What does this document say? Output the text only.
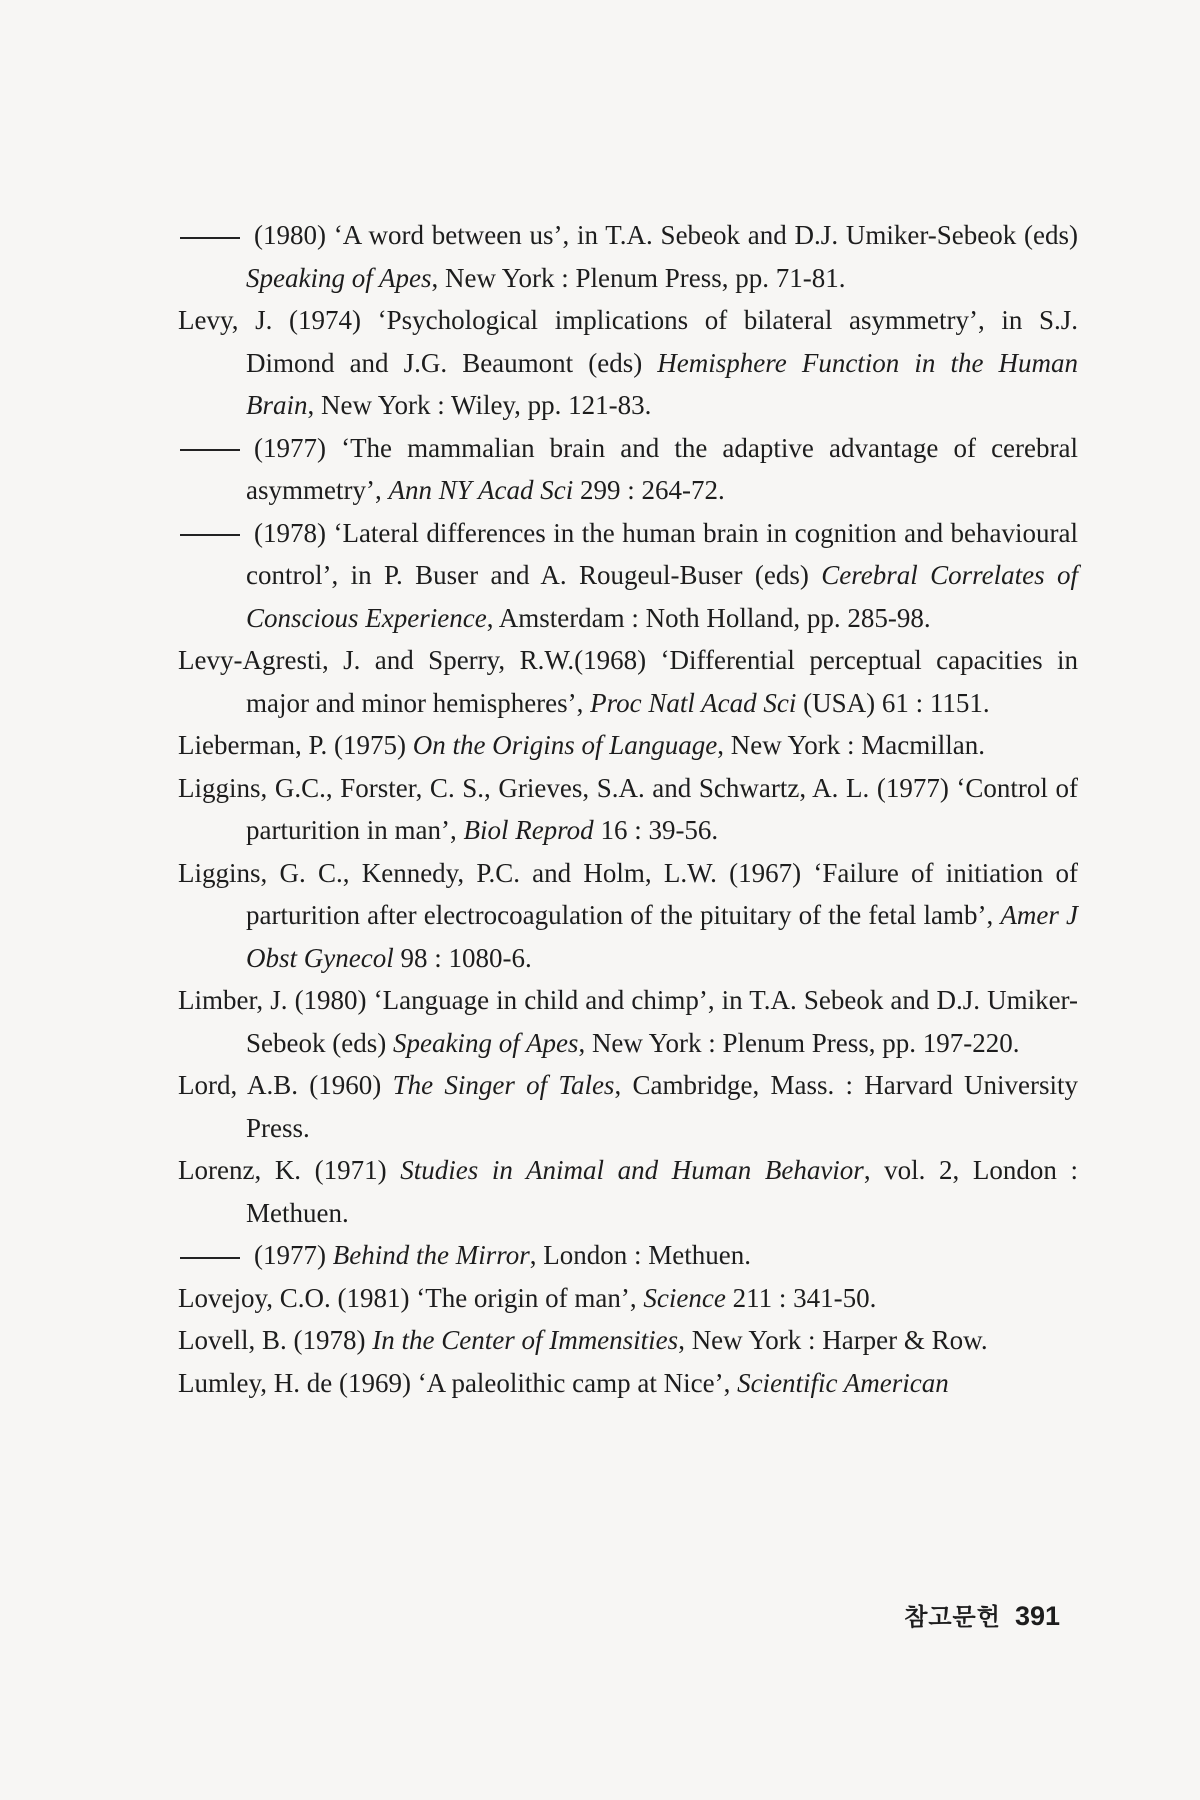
(1980) ‘A word between us’, in T.A. Sebeok and D.J. Umiker-Sebeok (eds) Speaking of Apes, New York : Plenum Press, pp. 71-81.

Levy, J. (1974) ‘Psychological implications of bilateral asymmetry’, in S.J. Dimond and J.G. Beaumont (eds) Hemisphere Function in the Human Brain, New York : Wiley, pp. 121-83.

(1977) ‘The mammalian brain and the adaptive advantage of cerebral asymmetry’, Ann NY Acad Sci 299 : 264-72.

(1978) ‘Lateral differences in the human brain in cognition and behavioural control’, in P. Buser and A. Rougeul-Buser (eds) Cerebral Correlates of Conscious Experience, Amsterdam : Noth Holland, pp. 285-98.

Levy-Agresti, J. and Sperry, R.W.(1968) ‘Differential perceptual capacities in major and minor hemispheres’, Proc Natl Acad Sci (USA) 61 : 1151.

Lieberman, P. (1975) On the Origins of Language, New York : Macmillan.

Liggins, G.C., Forster, C. S., Grieves, S.A. and Schwartz, A. L. (1977) ‘Control of parturition in man’, Biol Reprod 16 : 39-56.

Liggins, G. C., Kennedy, P.C. and Holm, L.W. (1967) ‘Failure of initiation of parturition after electrocoagulation of the pituitary of the fetal lamb’, Amer J Obst Gynecol 98 : 1080-6.

Limber, J. (1980) ‘Language in child and chimp’, in T.A. Sebeok and D.J. Umiker-Sebeok (eds) Speaking of Apes, New York : Plenum Press, pp. 197-220.

Lord, A.B. (1960) The Singer of Tales, Cambridge, Mass. : Harvard University Press.

Lorenz, K. (1971) Studies in Animal and Human Behavior, vol. 2, London : Methuen.

(1977) Behind the Mirror, London : Methuen.

Lovejoy, C.O. (1981) ‘The origin of man’, Science 211 : 341-50.

Lovell, B. (1978) In the Center of Immensities, New York : Harper & Row.

Lumley, H. de (1969) ‘A paleolithic camp at Nice’, Scientific American

참고문헌 391
